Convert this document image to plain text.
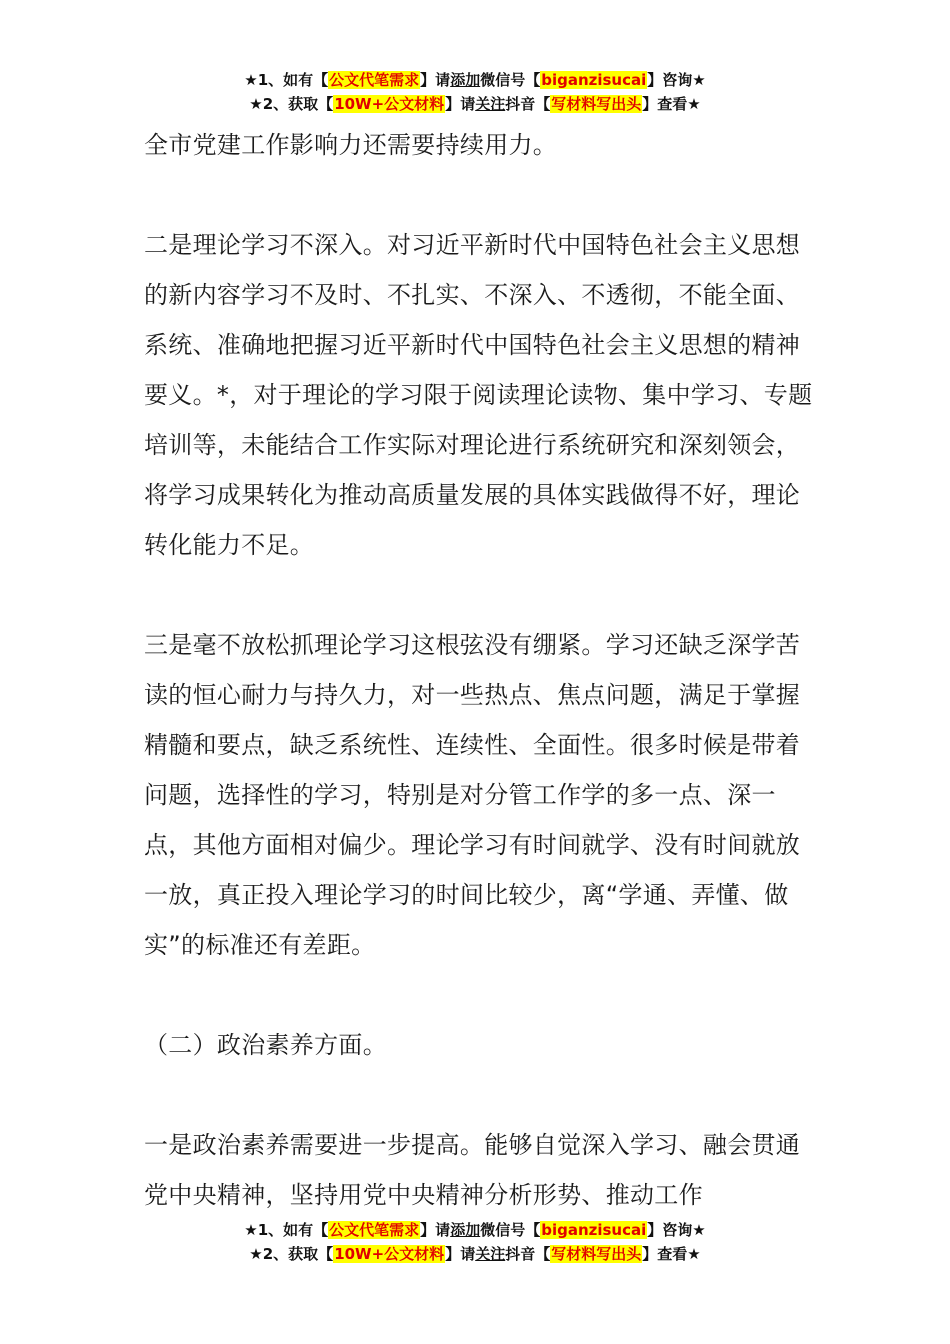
★1、如有【公文代笔需求】请添加微信号【biganzisucai】咨询★
★2、获取【10W+公文材料】请关注抖音【写材料写出头】查看★

全市党建工作影响力还需要持续用力。

二是理论学习不深入。对习近平新时代中国特色社会主义思想的新内容学习不及时、不扎实、不深入、不透彻，不能全面、系统、准确地把握习近平新时代中国特色社会主义思想的精神要义。*，对于理论的学习限于阅读理论读物、集中学习、专题培训等，未能结合工作实际对理论进行系统研究和深刻领会，将学习成果转化为推动高质量发展的具体实践做得不好，理论转化能力不足。

三是毫不放松抓理论学习这根弦没有绷紧。学习还缺乏深学苦读的恒心耐力与持久力，对一些热点、焦点问题，满足于掌握精髓和要点，缺乏系统性、连续性、全面性。很多时候是带着问题，选择性的学习，特别是对分管工作学的多一点、深一点，其他方面相对偏少。理论学习有时间就学、没有时间就放一放，真正投入理论学习的时间比较少，离“学通、弄懂、做实”的标准还有差距。

（二）政治素养方面。

一是政治素养需要进一步提高。能够自觉深入学习、融会贯通党中央精神，坚持用党中央精神分析形势、推动工作

★1、如有【公文代笔需求】请添加微信号【biganzisucai】咨询★
★2、获取【10W+公文材料】请关注抖音【写材料写出头】查看★
